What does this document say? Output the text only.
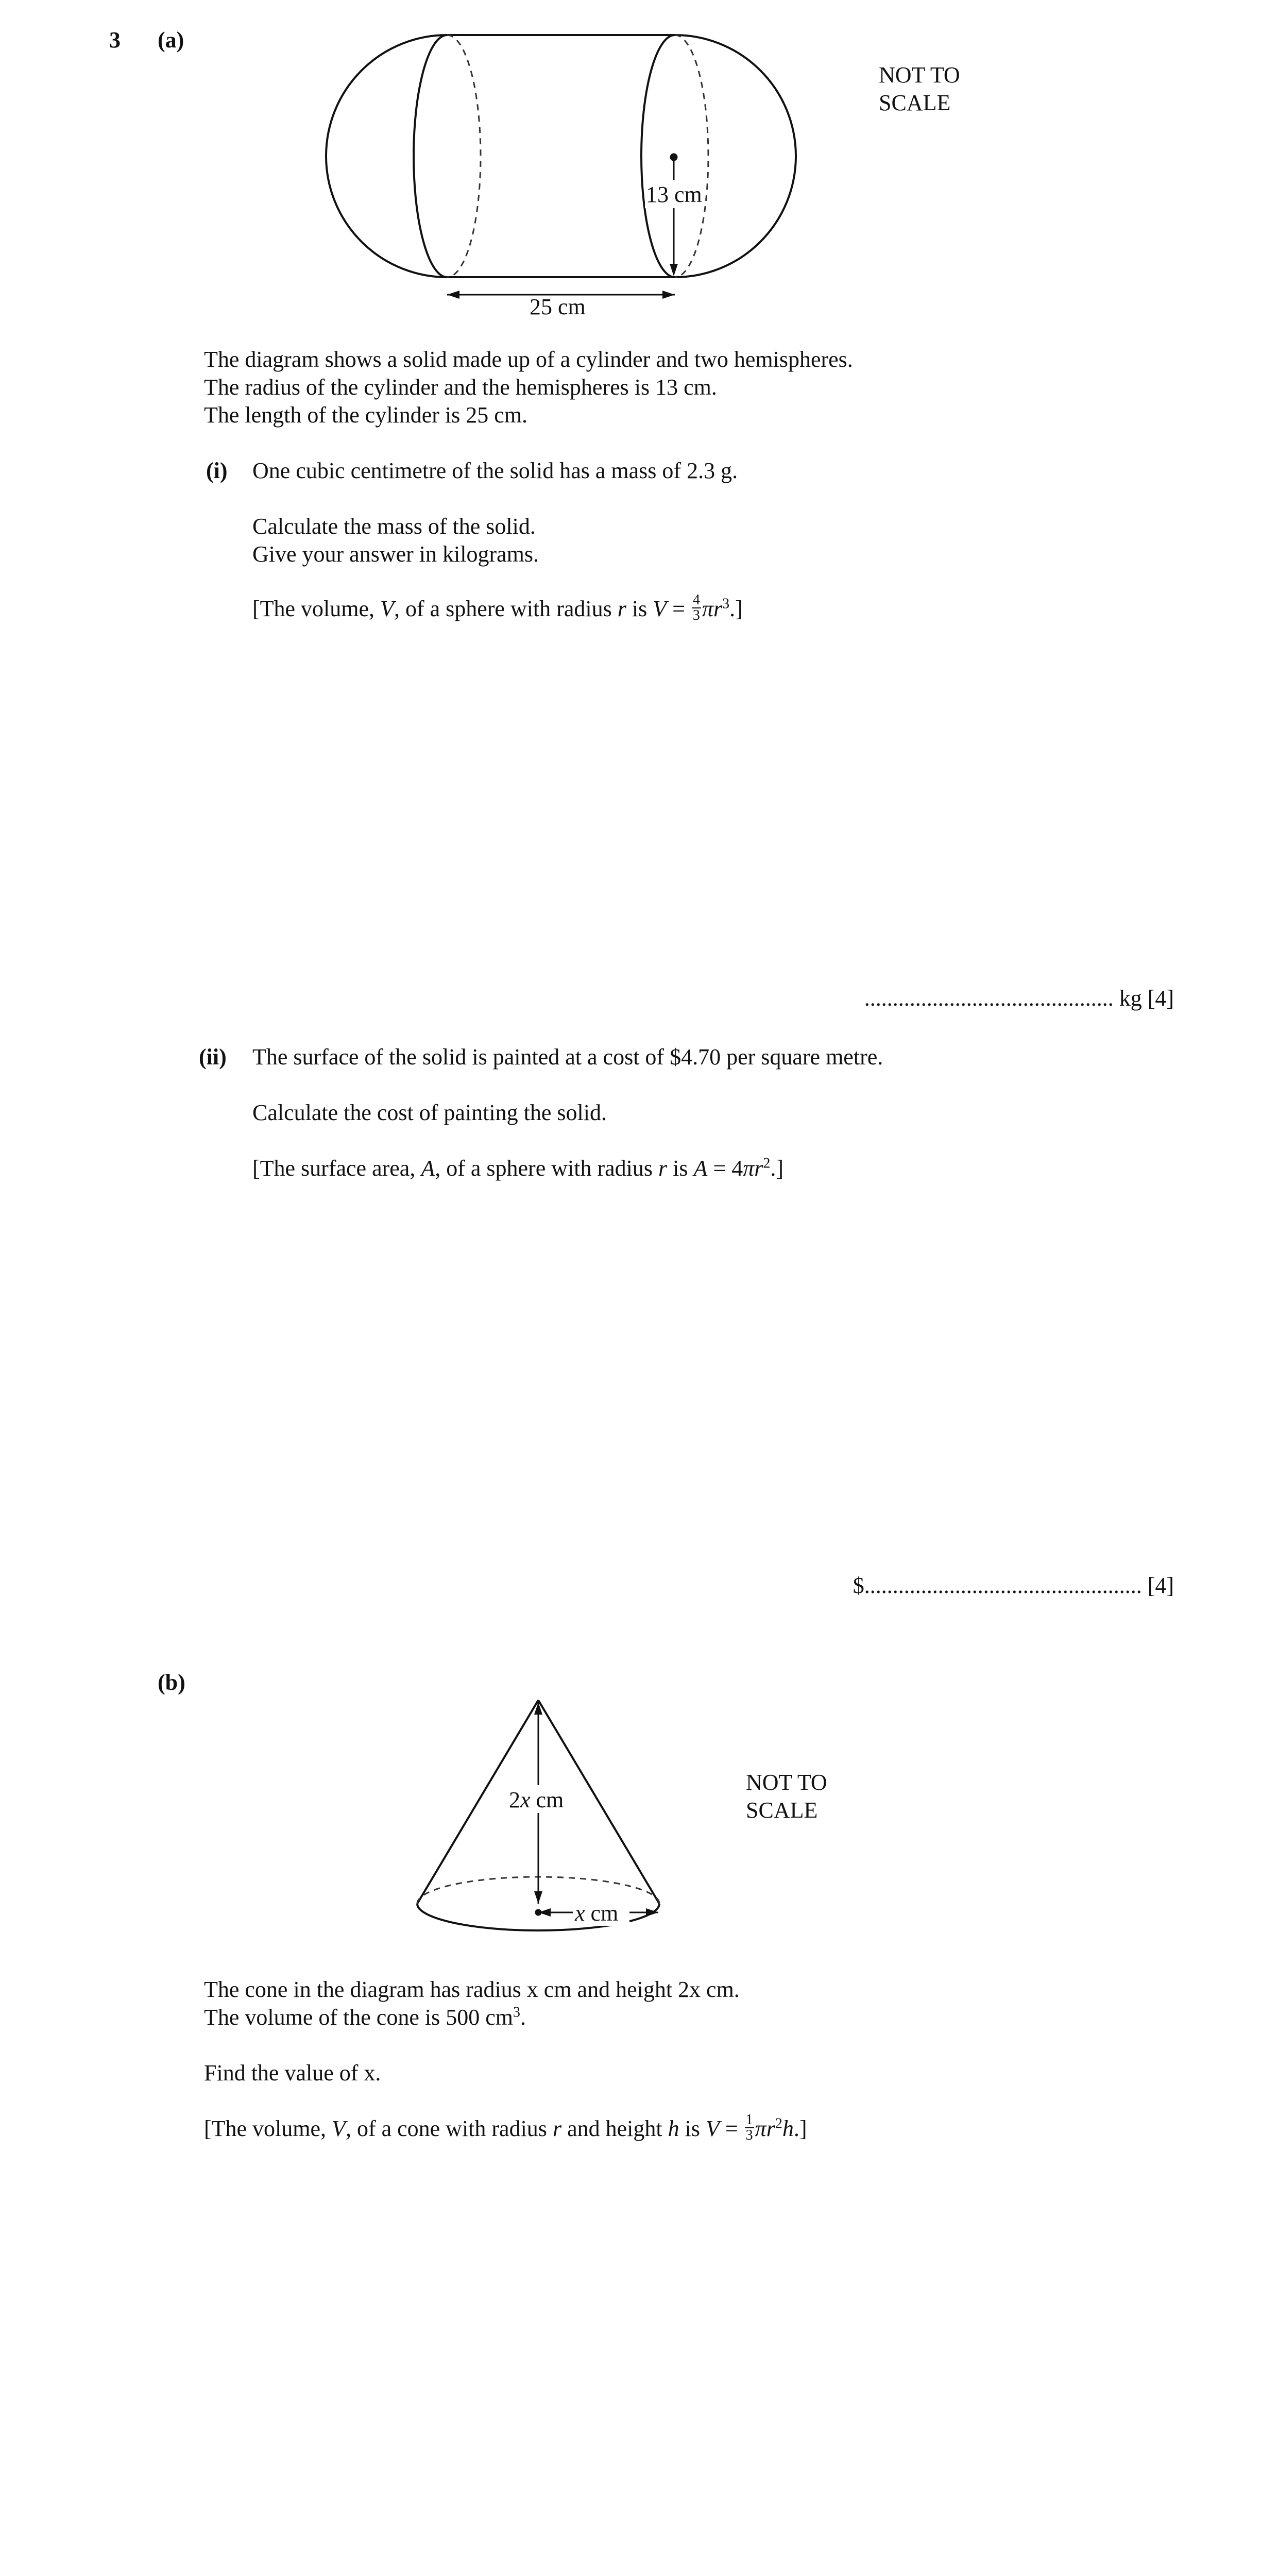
3 (a)
13 cm
25 cm
NOT TO
SCALE
The diagram shows a solid made up of a cylinder and two hemispheres.
The radius of the cylinder and the hemispheres is 13 cm.
The length of the cylinder is 25 cm.
(i) One cubic centimetre of the solid has a mass of 2.3 g.
Calculate the mass of the solid.
Give your answer in kilograms.
[The volume, V, of a sphere with radius r is $V = \frac{4}{3} \pi r^3$.]
............................................ kg [4]
(ii) The surface of the solid is painted at a cost of $4.70 per square metre.
Calculate the cost of painting the solid.
[The surface area, A, of a sphere with radius r is $A = 4\pi r^2$.]
$................................................. [4]
(b)
2x cm
x cm
NOT TO
SCALE
The cone in the diagram has radius x cm and height 2x cm.
The volume of the cone is 500 $cm^3$.
Find the value of x.
[The volume, V, of a cone with radius r and height h is $V = \frac{1}{3} \pi r^2h$.]
